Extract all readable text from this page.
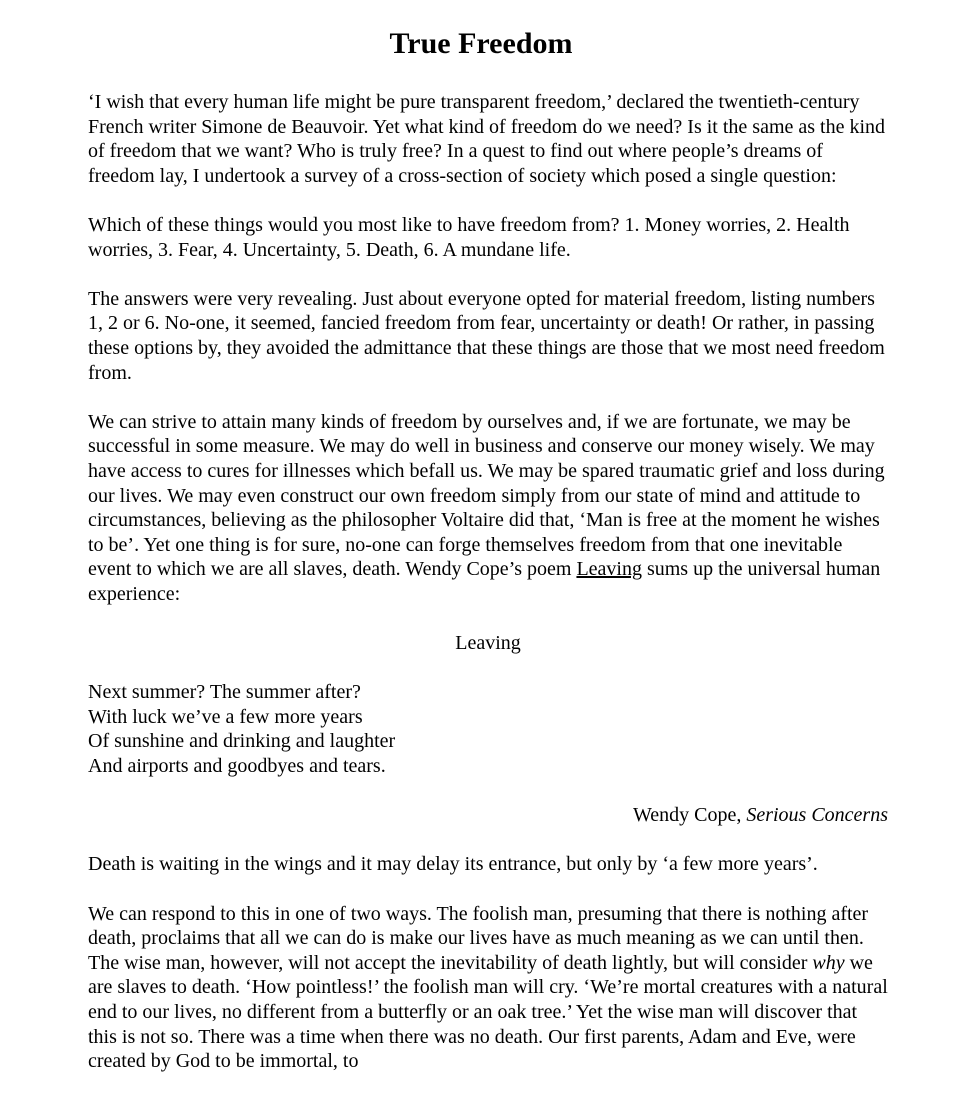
True Freedom

‘I wish that every human life might be pure transparent freedom,’ declared the twentieth-century French writer Simone de Beauvoir. Yet what kind of freedom do we need? Is it the same as the kind of freedom that we want? Who is truly free? In a quest to find out where people’s dreams of freedom lay, I undertook a survey of a cross-section of society which posed a single question:

Which of these things would you most like to have freedom from? 1. Money worries, 2. Health worries, 3. Fear, 4. Uncertainty, 5. Death, 6. A mundane life.

The answers were very revealing. Just about everyone opted for material freedom, listing numbers 1, 2 or 6. No-one, it seemed, fancied freedom from fear, uncertainty or death! Or rather, in passing these options by, they avoided the admittance that these things are those that we most need freedom from.

We can strive to attain many kinds of freedom by ourselves and, if we are fortunate, we may be successful in some measure. We may do well in business and conserve our money wisely. We may have access to cures for illnesses which befall us. We may be spared traumatic grief and loss during our lives. We may even construct our own freedom simply from our state of mind and attitude to circumstances, believing as the philosopher Voltaire did that, ‘Man is free at the moment he wishes to be’. Yet one thing is for sure, no-one can forge themselves freedom from that one inevitable event to which we are all slaves, death. Wendy Cope’s poem Leaving sums up the universal human experience:

Leaving

Next summer? The summer after?
With luck we’ve a few more years
Of sunshine and drinking and laughter
And airports and goodbyes and tears.

Wendy Cope, Serious Concerns

Death is waiting in the wings and it may delay its entrance, but only by ‘a few more years’.

We can respond to this in one of two ways. The foolish man, presuming that there is nothing after death, proclaims that all we can do is make our lives have as much meaning as we can until then. The wise man, however, will not accept the inevitability of death lightly, but will consider why we are slaves to death. ‘How pointless!’ the foolish man will cry. ‘We’re mortal creatures with a natural end to our lives, no different from a butterfly or an oak tree.’ Yet the wise man will discover that this is not so. There was a time when there was no death. Our first parents, Adam and Eve, were created by God to be immortal, to
